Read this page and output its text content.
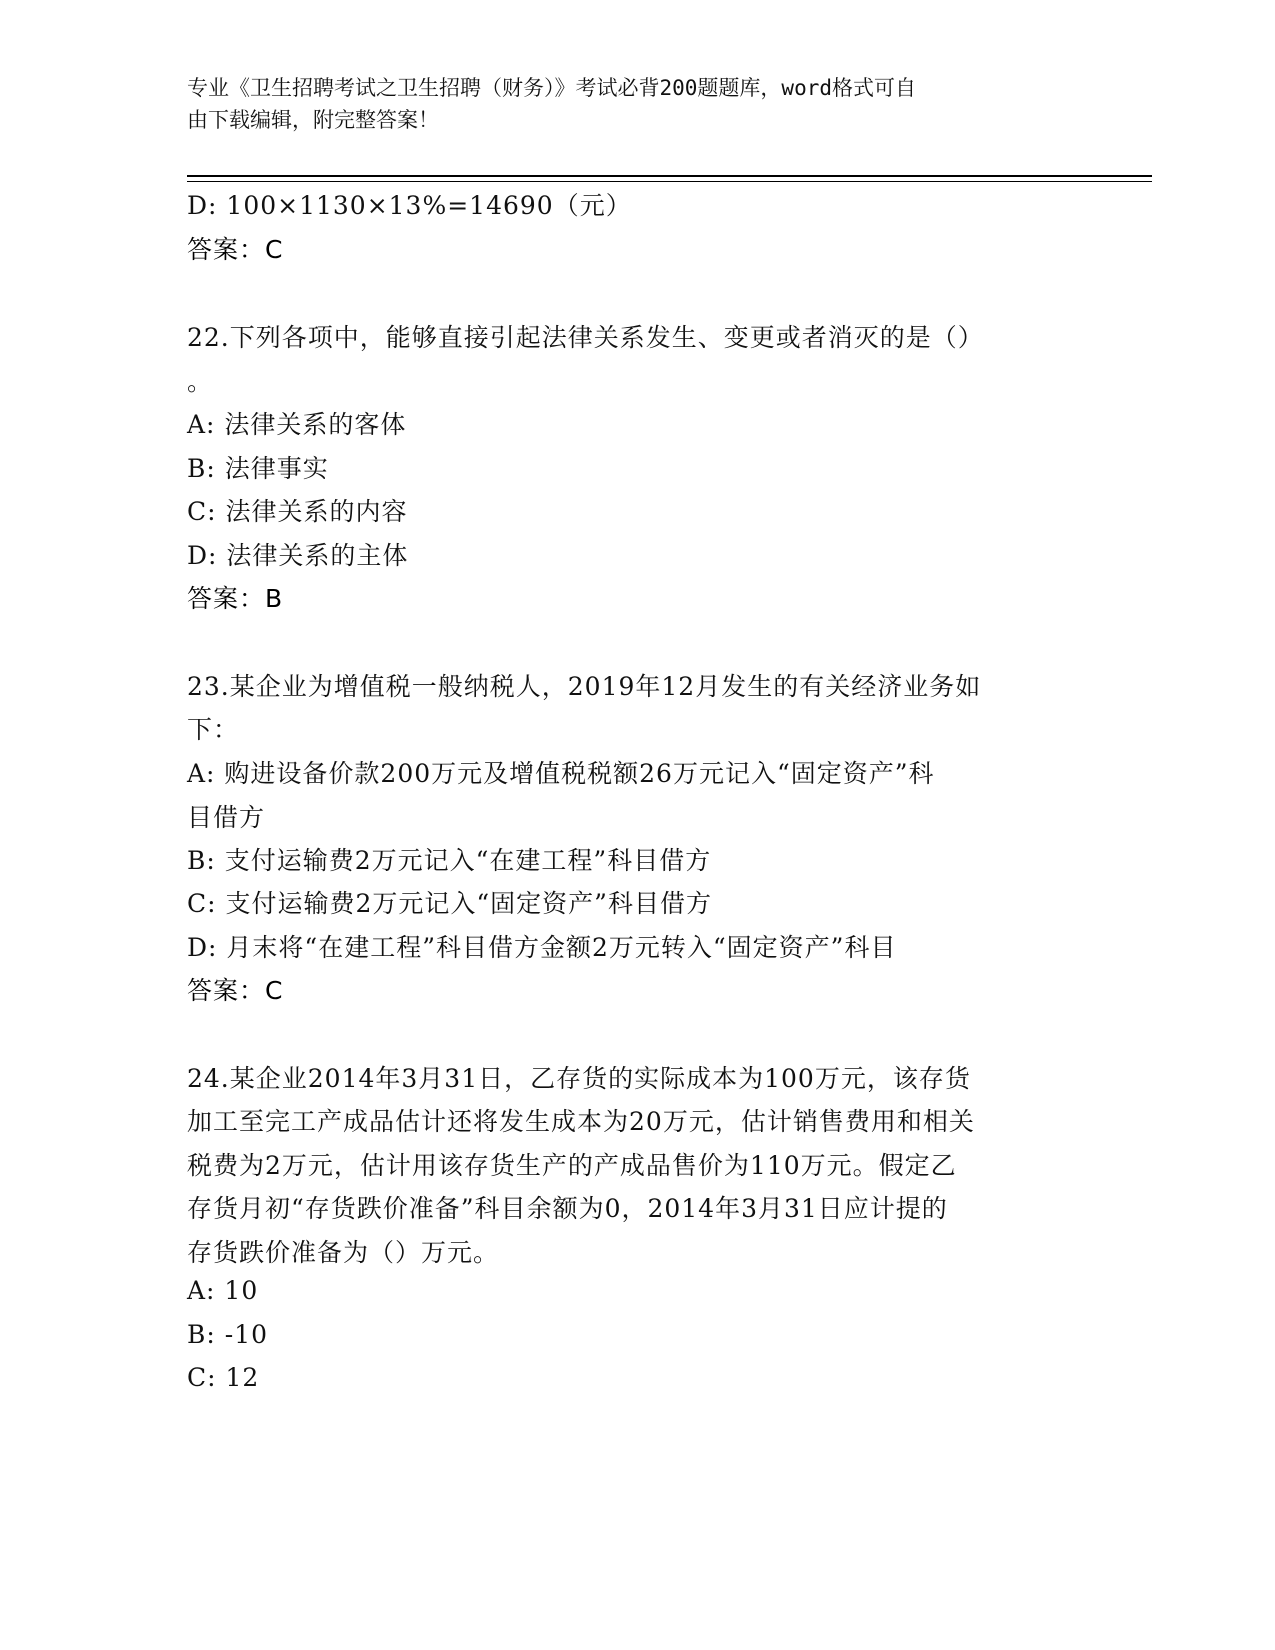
专业《卫生招聘考试之卫生招聘（财务）》考试必背200题题库，word格式可自
由下载编辑，附完整答案！
D: 100×1130×13%=14690（元）
答案：C
22.下列各项中，能够直接引起法律关系发生、变更或者消灭的是（）
。
A: 法律关系的客体
B: 法律事实
C: 法律关系的内容
D: 法律关系的主体
答案：B
23.某企业为增值税一般纳税人，2019年12月发生的有关经济业务如
下：
A: 购进设备价款200万元及增值税税额26万元记入“固定资产”科
目借方
B: 支付运输费2万元记入“在建工程”科目借方
C: 支付运输费2万元记入“固定资产”科目借方
D: 月末将“在建工程”科目借方金额2万元转入“固定资产”科目
答案：C
24.某企业2014年3月31日，乙存货的实际成本为100万元，该存货
加工至完工产成品估计还将发生成本为20万元，估计销售费用和相关
税费为2万元，估计用该存货生产的产成品售价为110万元。假定乙
存货月初“存货跌价准备”科目余额为0，2014年3月31日应计提的
存货跌价准备为（）万元。
A: 10
B: -10
C: 12
